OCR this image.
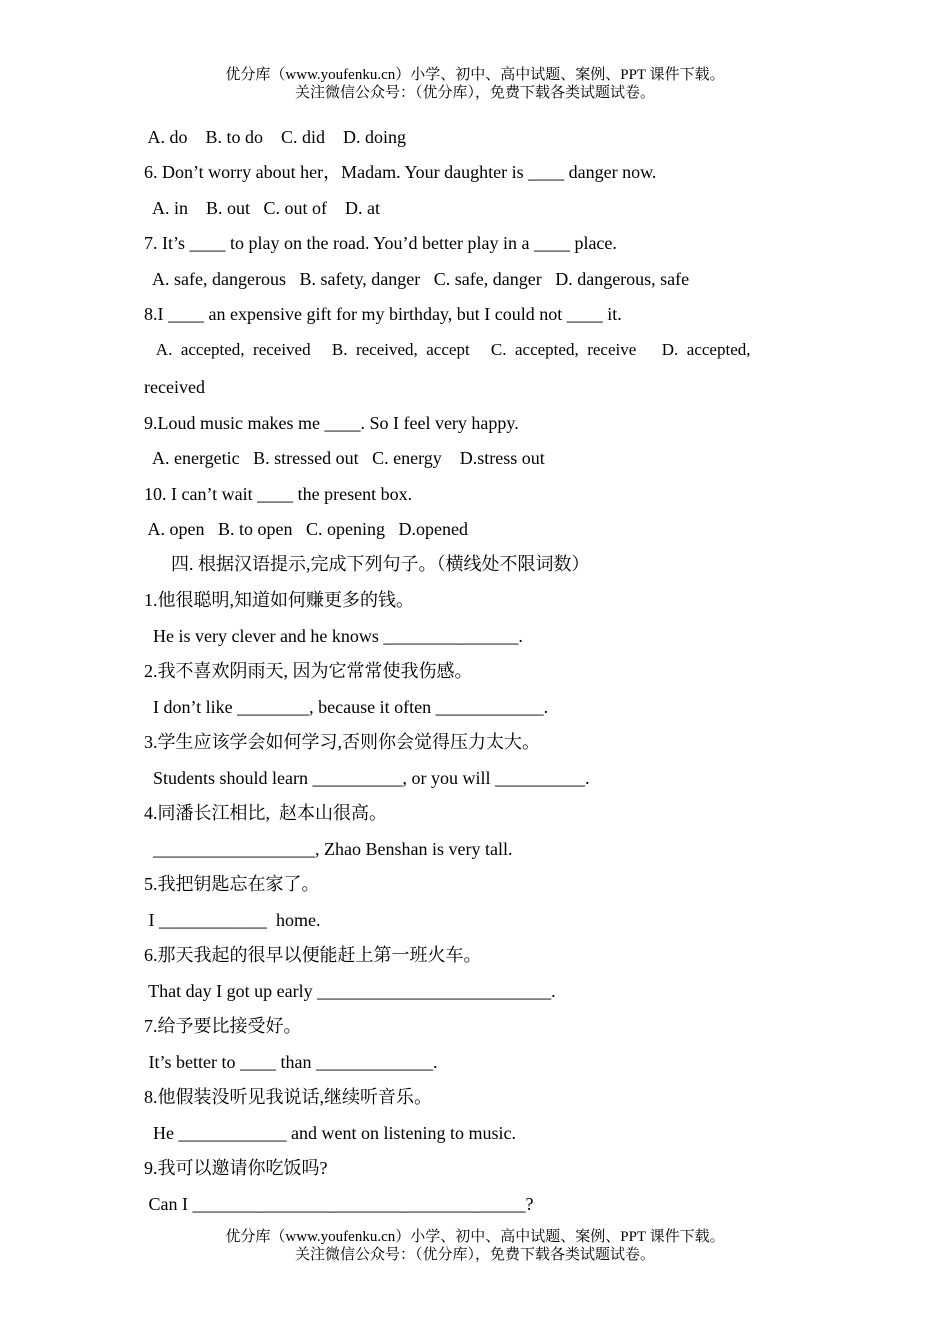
优分库（www.youfenku.cn）小学、初中、高中试题、案例、PPT 课件下载。
关注微信公众号：（优分库），免费下载各类试题试卷。
A. do    B. to do    C. did    D. doing
6. Don’t worry about her，Madam. Your daughter is ____ danger now.
A. in    B. out   C. out of    D. at
7. It’s ____ to play on the road. You’d better play in a ____ place.
A. safe, dangerous   B. safety, danger   C. safe, danger   D. dangerous, safe
8.I ____ an expensive gift for my birthday, but I could not ____ it.
A.  accepted,  received     B.  received,  accept     C.  accepted,  receive      D.  accepted,
received
9.Loud music makes me ____. So I feel very happy.
A. energetic   B. stressed out   C. energy    D.stress out
10. I can’t wait ____ the present box.
A. open   B. to open   C. opening   D.opened
四. 根据汉语提示,完成下列句子。（横线处不限词数）
1.他很聪明,知道如何赚更多的钱。
He is very clever and he knows _______________.
2.我不喜欢阴雨天, 因为它常常使我伤感。
I don’t like ________, because it often ____________.
3.学生应该学会如何学习,否则你会觉得压力太大。
Students should learn __________, or you will __________.
4.同潘长江相比,  赵本山很高。
__________________, Zhao Benshan is very tall.
5.我把钥匙忘在家了。
I ____________  home.
6.那天我起的很早以便能赶上第一班火车。
That day I got up early __________________________.
7.给予要比接受好。
It’s better to ____ than _____________.
8.他假装没听见我说话,继续听音乐。
He ____________ and went on listening to music.
9.我可以邀请你吃饭吗?
Can I _____________________________________?
优分库（www.youfenku.cn）小学、初中、高中试题、案例、PPT 课件下载。
关注微信公众号：（优分库），免费下载各类试题试卷。
